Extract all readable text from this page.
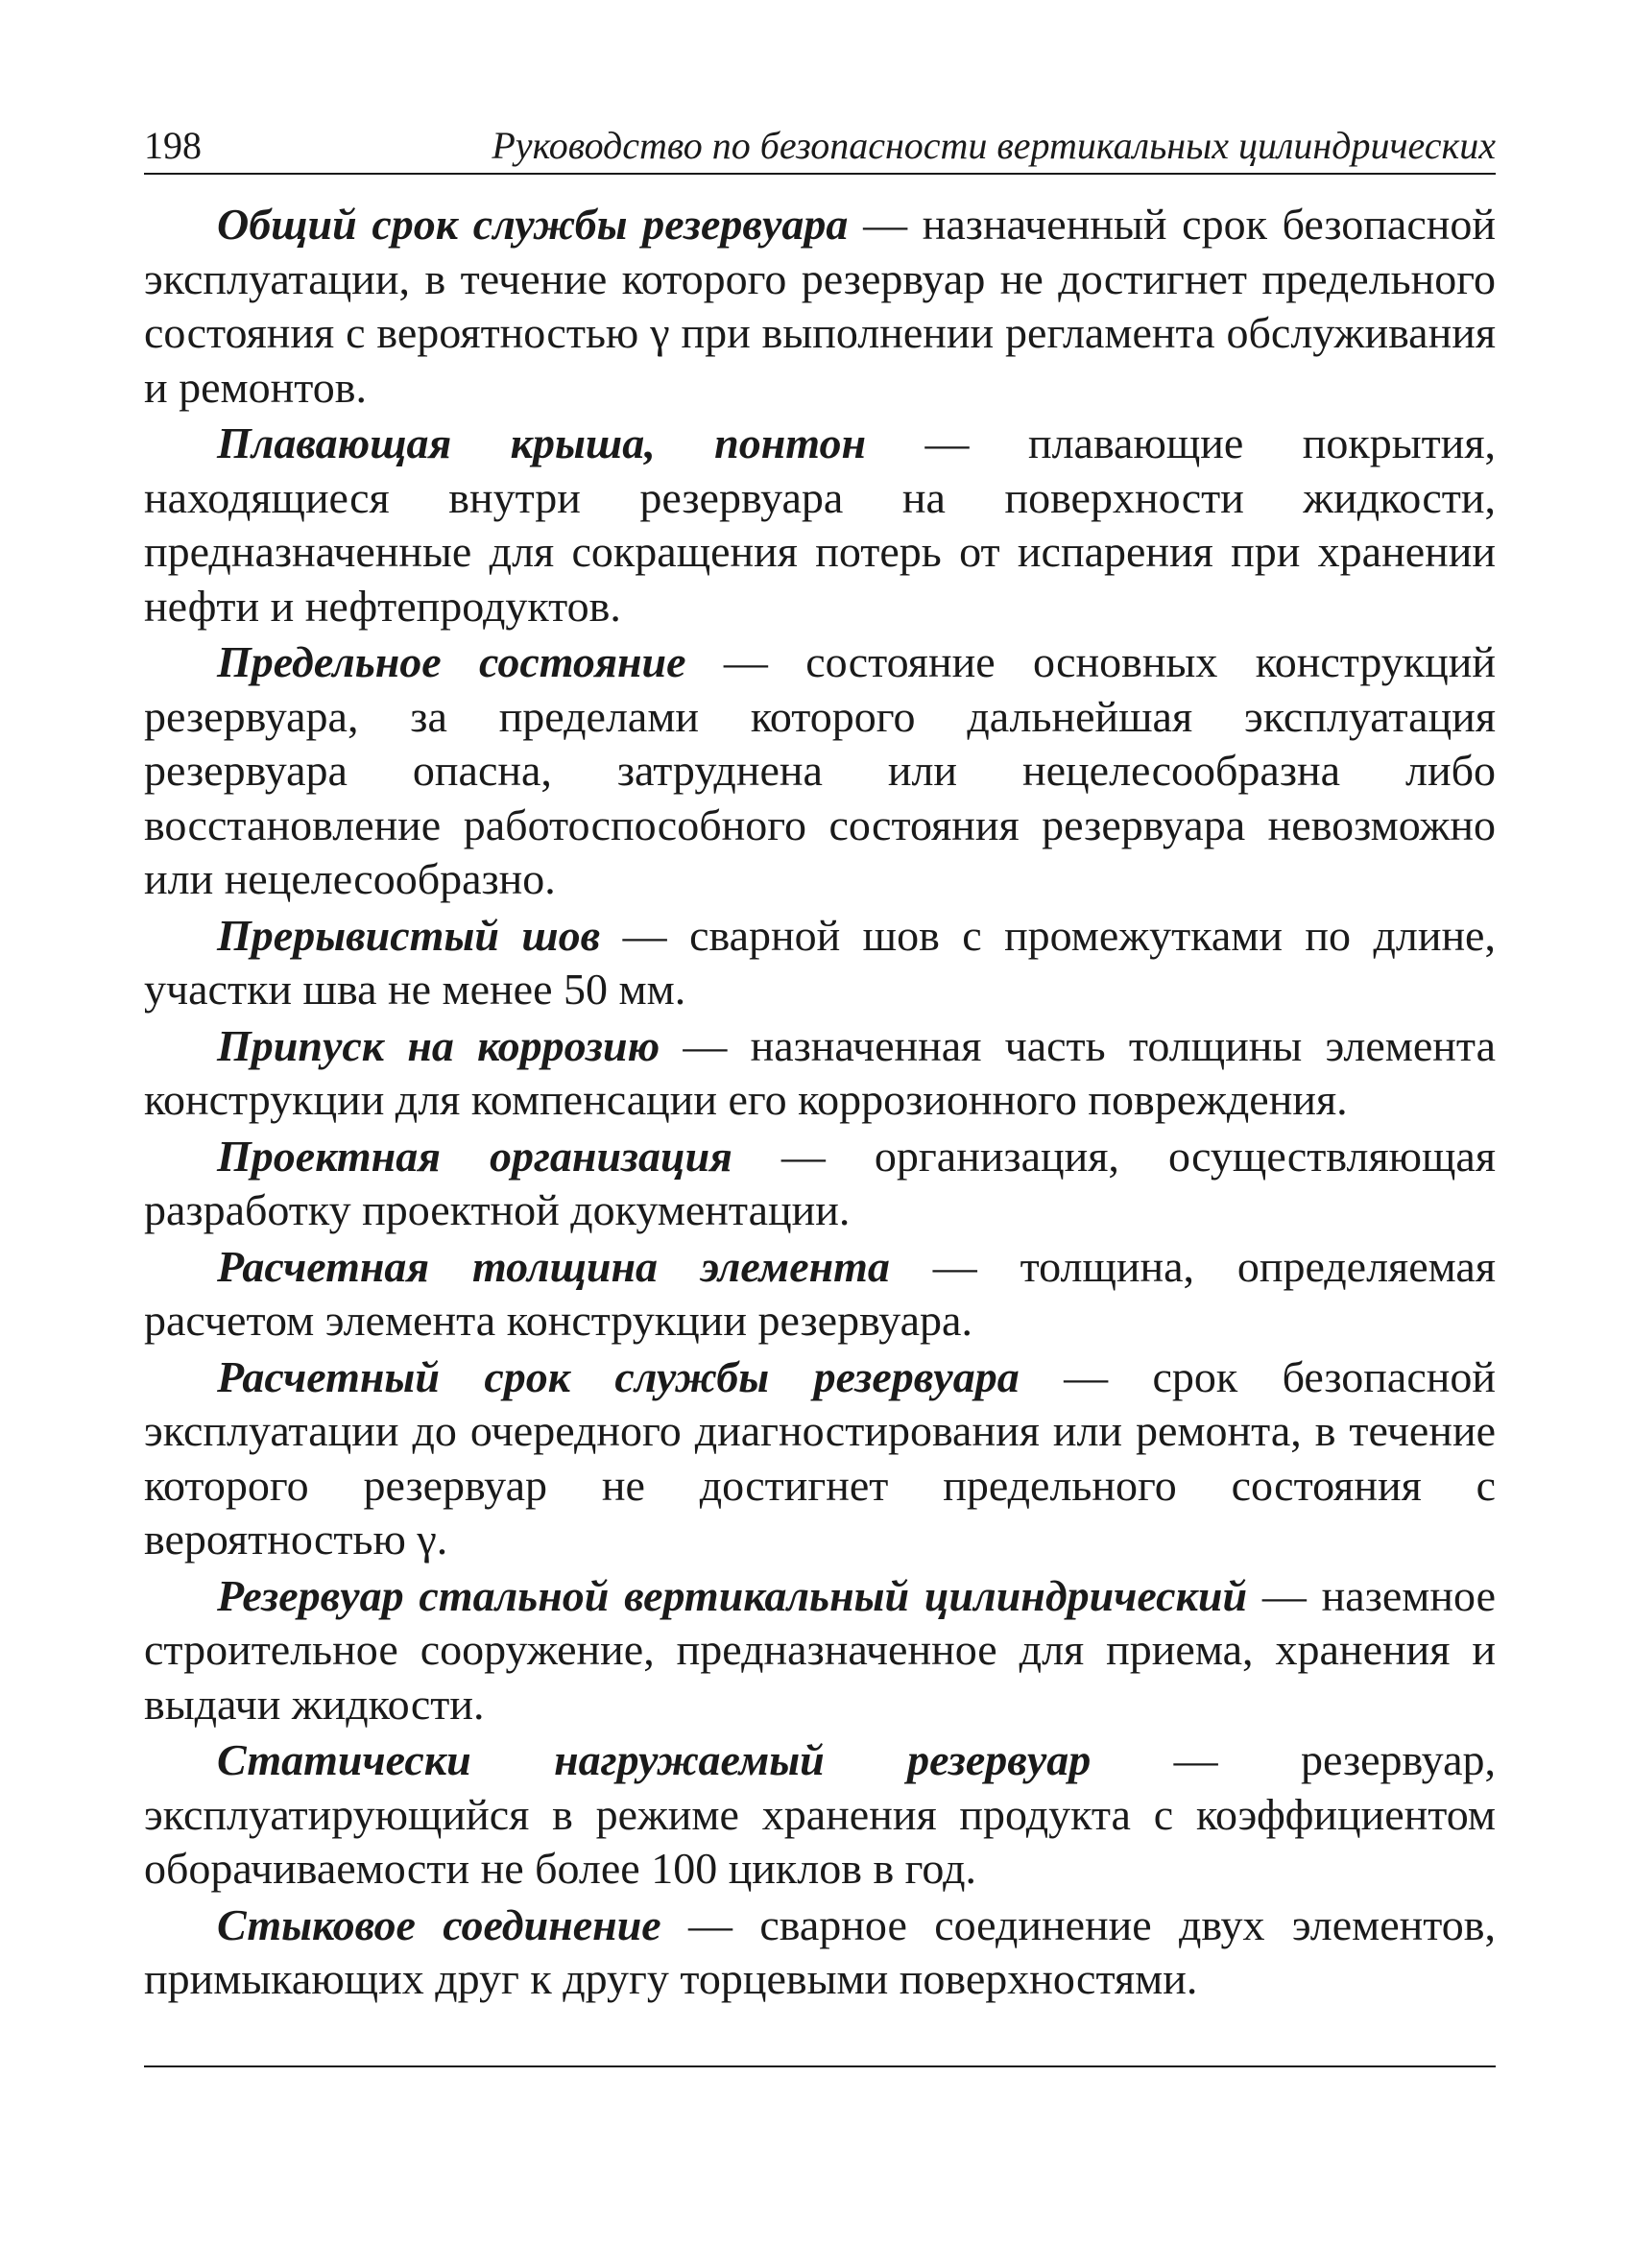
198	Руководство по безопасности вертикальных цилиндрических

Общий срок службы резервуара — назначенный срок безопасной эксплуатации, в течение которого резервуар не достигнет предельного состояния с вероятностью γ при выполнении регламента обслуживания и ремонтов.

Плавающая крыша, понтон — плавающие покрытия, находящиеся внутри резервуара на поверхности жидкости, предназначенные для сокращения потерь от испарения при хранении нефти и нефтепродуктов.

Предельное состояние — состояние основных конструкций резервуара, за пределами которого дальнейшая эксплуатация резервуара опасна, затруднена или нецелесообразна либо восстановление работоспособного состояния резервуара невозможно или нецелесообразно.

Прерывистый шов — сварной шов с промежутками по длине, участки шва не менее 50 мм.

Припуск на коррозию — назначенная часть толщины элемента конструкции для компенсации его коррозионного повреждения.

Проектная организация — организация, осуществляющая разработку проектной документации.

Расчетная толщина элемента — толщина, определяемая расчетом элемента конструкции резервуара.

Расчетный срок службы резервуара — срок безопасной эксплуатации до очередного диагностирования или ремонта, в течение которого резервуар не достигнет предельного состояния с вероятностью γ.

Резервуар стальной вертикальный цилиндрический — наземное строительное сооружение, предназначенное для приема, хранения и выдачи жидкости.

Статически нагружаемый резервуар — резервуар, эксплуатирующийся в режиме хранения продукта с коэффициентом оборачиваемости не более 100 циклов в год.

Стыковое соединение — сварное соединение двух элементов, примыкающих друг к другу торцевыми поверхностями.
